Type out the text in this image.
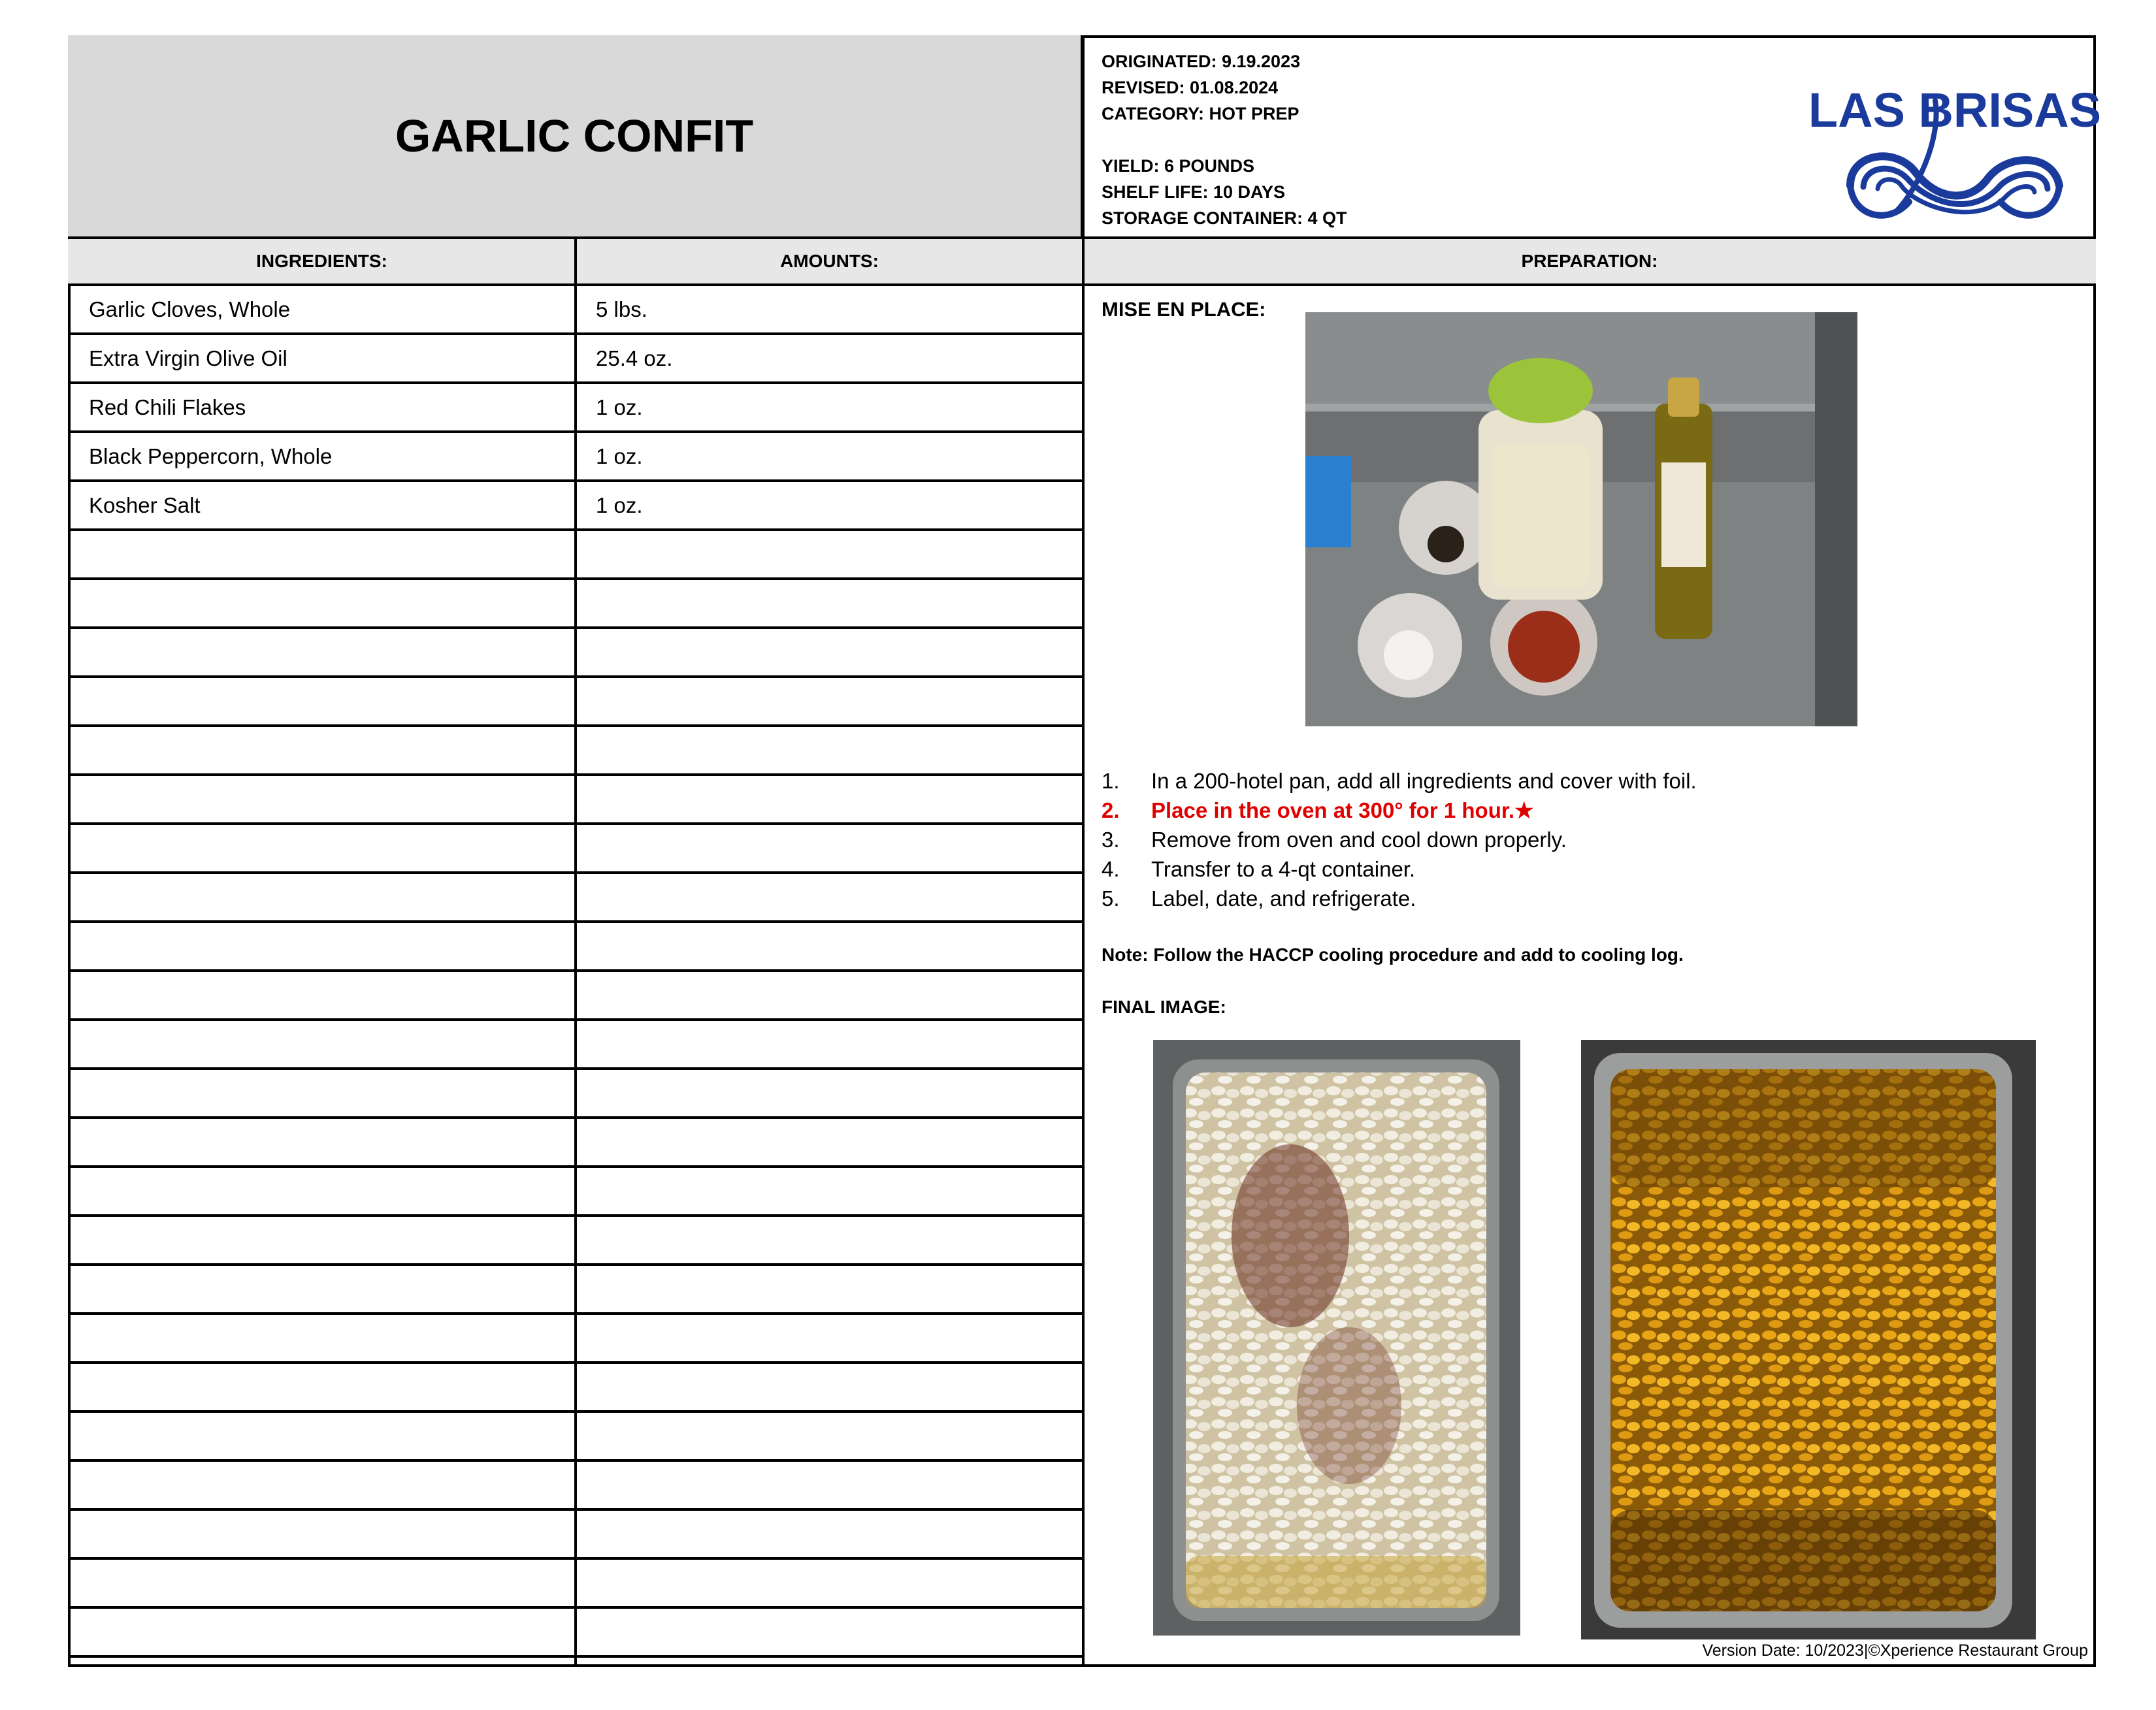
GARLIC CONFIT
ORIGINATED: 9.19.2023
REVISED: 01.08.2024
CATEGORY: HOT PREP
YIELD: 6 POUNDS
SHELF LIFE: 10 DAYS
STORAGE CONTAINER: 4 QT
LAS BRISAS
INGREDIENTS:	AMOUNTS:	PREPARATION:
Garlic Cloves, Whole	5 lbs.
Extra Virgin Olive Oil	25.4 oz.
Red Chili Flakes	1 oz.
Black Peppercorn, Whole	1 oz.
Kosher Salt	1 oz.
MISE EN PLACE:
1.	In a 200-hotel pan, add all ingredients and cover with foil.
2.	Place in the oven at 300° for 1 hour.★
3.	Remove from oven and cool down properly.
4.	Transfer to a 4-qt container.
5.	Label, date, and refrigerate.
Note: Follow the HACCP cooling procedure and add to cooling log.
FINAL IMAGE:
Version Date: 10/2023|©Xperience Restaurant Group
